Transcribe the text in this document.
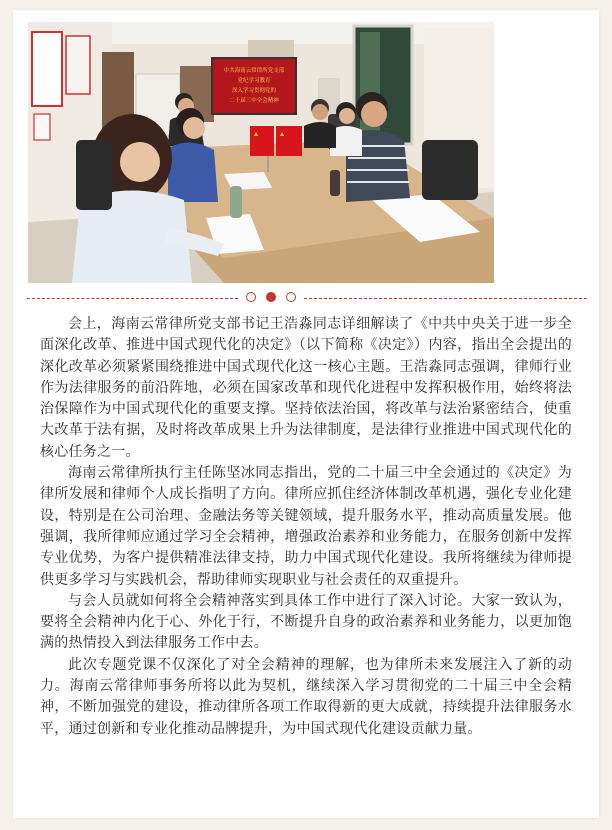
中共海南云常律所党支部
党纪学习教育
深入学习贯彻党的
二十届三中全会精神

会上，海南云常律所党支部书记王浩淼同志详细解读了《中共中央关于进一步全面深化改革、推进中国式现代化的决定》（以下简称《决定》）内容，指出全会提出的深化改革必须紧紧围绕推进中国式现代化这一核心主题。王浩淼同志强调，律师行业作为法律服务的前沿阵地，必须在国家改革和现代化进程中发挥积极作用，始终将法治保障作为中国式现代化的重要支撑。坚持依法治国，将改革与法治紧密结合，使重大改革于法有据，及时将改革成果上升为法律制度，是法律行业推进中国式现代化的核心任务之一。

海南云常律所执行主任陈坚冰同志指出，党的二十届三中全会通过的《决定》为律所发展和律师个人成长指明了方向。律所应抓住经济体制改革机遇，强化专业化建设，特别是在公司治理、金融法务等关键领域，提升服务水平，推动高质量发展。他强调，我所律师应通过学习全会精神，增强政治素养和业务能力，在服务创新中发挥专业优势，为客户提供精准法律支持，助力中国式现代化建设。我所将继续为律师提供更多学习与实践机会，帮助律师实现职业与社会责任的双重提升。

与会人员就如何将全会精神落实到具体工作中进行了深入讨论。大家一致认为，要将全会精神内化于心、外化于行，不断提升自身的政治素养和业务能力，以更加饱满的热情投入到法律服务工作中去。

此次专题党课不仅深化了对全会精神的理解，也为律所未来发展注入了新的动力。海南云常律师事务所将以此为契机，继续深入学习贯彻党的二十届三中全会精神，不断加强党的建设，推动律所各项工作取得新的更大成就，持续提升法律服务水平，通过创新和专业化推动品牌提升，为中国式现代化建设贡献力量。
